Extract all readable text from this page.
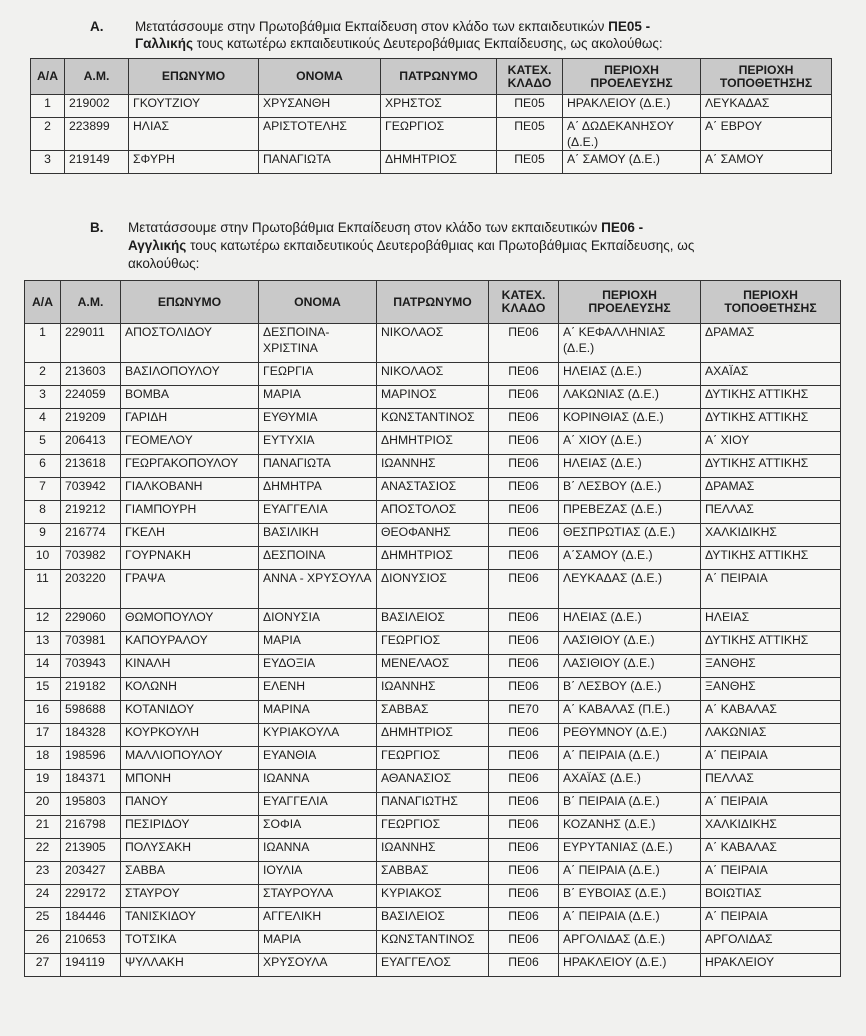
Α. Μετατάσσουμε στην Πρωτοβάθμια Εκπαίδευση στον κλάδο των εκπαιδευτικών ΠΕ05 -
Γαλλικής τους κατωτέρω εκπαιδευτικούς Δευτεροβάθμιας Εκπαίδευσης, ως ακολούθως:
Α/Α	Α.Μ.	ΕΠΩΝΥΜΟ	ΟΝΟΜΑ	ΠΑΤΡΩΝΥΜΟ	ΚΑΤΕΧ. ΚΛΑΔΟ	ΠΕΡΙΟΧΗ ΠΡΟΕΛΕΥΣΗΣ	ΠΕΡΙΟΧΗ ΤΟΠΟΘΕΤΗΣΗΣ
1	219002	ΓΚΟΥΤΖΙΟΥ	ΧΡΥΣΑΝΘΗ	ΧΡΗΣΤΟΣ	ΠΕ05	ΗΡΑΚΛΕΙΟΥ (Δ.Ε.)	ΛΕΥΚΑΔΑΣ
2	223899	ΗΛΙΑΣ	ΑΡΙΣΤΟΤΕΛΗΣ	ΓΕΩΡΓΙΟΣ	ΠΕ05	Α΄ ΔΩΔΕΚΑΝΗΣΟΥ (Δ.Ε.)	Α΄ ΕΒΡΟΥ
3	219149	ΣΦΥΡΗ	ΠΑΝΑΓΙΩΤΑ	ΔΗΜΗΤΡΙΟΣ	ΠΕ05	Α΄ ΣΑΜΟΥ (Δ.Ε.)	Α΄ ΣΑΜΟΥ
Β. Μετατάσσουμε στην Πρωτοβάθμια Εκπαίδευση στον κλάδο των εκπαιδευτικών ΠΕ06 -
Αγγλικής τους κατωτέρω εκπαιδευτικούς Δευτεροβάθμιας και Πρωτοβάθμιας Εκπαίδευσης, ως
ακολούθως:
Α/Α	Α.Μ.	ΕΠΩΝΥΜΟ	ΟΝΟΜΑ	ΠΑΤΡΩΝΥΜΟ	ΚΑΤΕΧ. ΚΛΑΔΟ	ΠΕΡΙΟΧΗ ΠΡΟΕΛΕΥΣΗΣ	ΠΕΡΙΟΧΗ ΤΟΠΟΘΕΤΗΣΗΣ
1	229011	ΑΠΟΣΤΟΛΙΔΟΥ	ΔΕΣΠΟΙΝΑ- ΧΡΙΣΤΙΝΑ	ΝΙΚΟΛΑΟΣ	ΠΕ06	Α΄ ΚΕΦΑΛΛΗΝΙΑΣ (Δ.Ε.)	ΔΡΑΜΑΣ
2	213603	ΒΑΣΙΛΟΠΟΥΛΟΥ	ΓΕΩΡΓΙΑ	ΝΙΚΟΛΑΟΣ	ΠΕ06	ΗΛΕΙΑΣ (Δ.Ε.)	ΑΧΑΪΑΣ
3	224059	ΒΟΜΒΑ	ΜΑΡΙΑ	ΜΑΡΙΝΟΣ	ΠΕ06	ΛΑΚΩΝΙΑΣ (Δ.Ε.)	ΔΥΤΙΚΗΣ ΑΤΤΙΚΗΣ
4	219209	ΓΑΡΙΔΗ	ΕΥΘΥΜΙΑ	ΚΩΝΣΤΑΝΤΙΝΟΣ	ΠΕ06	ΚΟΡΙΝΘΙΑΣ (Δ.Ε.)	ΔΥΤΙΚΗΣ ΑΤΤΙΚΗΣ
5	206413	ΓΕΟΜΕΛΟΥ	ΕΥΤΥΧΙΑ	ΔΗΜΗΤΡΙΟΣ	ΠΕ06	Α΄ ΧΙΟΥ (Δ.Ε.)	Α΄ ΧΙΟΥ
6	213618	ΓΕΩΡΓΑΚΟΠΟΥΛΟΥ	ΠΑΝΑΓΙΩΤΑ	ΙΩΑΝΝΗΣ	ΠΕ06	ΗΛΕΙΑΣ (Δ.Ε.)	ΔΥΤΙΚΗΣ ΑΤΤΙΚΗΣ
7	703942	ΓΙΑΛΚΟΒΑΝΗ	ΔΗΜΗΤΡΑ	ΑΝΑΣΤΑΣΙΟΣ	ΠΕ06	Β΄ ΛΕΣΒΟΥ (Δ.Ε.)	ΔΡΑΜΑΣ
8	219212	ΓΙΑΜΠΟΥΡΗ	ΕΥΑΓΓΕΛΙΑ	ΑΠΟΣΤΟΛΟΣ	ΠΕ06	ΠΡΕΒΕΖΑΣ (Δ.Ε.)	ΠΕΛΛΑΣ
9	216774	ΓΚΕΛΗ	ΒΑΣΙΛΙΚΗ	ΘΕΟΦΑΝΗΣ	ΠΕ06	ΘΕΣΠΡΩΤΙΑΣ (Δ.Ε.)	ΧΑΛΚΙΔΙΚΗΣ
10	703982	ΓΟΥΡΝΑΚΗ	ΔΕΣΠΟΙΝΑ	ΔΗΜΗΤΡΙΟΣ	ΠΕ06	Α΄ΣΑΜΟΥ (Δ.Ε.)	ΔΥΤΙΚΗΣ ΑΤΤΙΚΗΣ
11	203220	ΓΡΑΨΑ	ΑΝΝΑ - ΧΡΥΣΟΥΛΑ	ΔΙΟΝΥΣΙΟΣ	ΠΕ06	ΛΕΥΚΑΔΑΣ (Δ.Ε.)	Α΄ ΠΕΙΡΑΙΑ
12	229060	ΘΩΜΟΠΟΥΛΟΥ	ΔΙΟΝΥΣΙΑ	ΒΑΣΙΛΕΙΟΣ	ΠΕ06	ΗΛΕΙΑΣ (Δ.Ε.)	ΗΛΕΙΑΣ
13	703981	ΚΑΠΟΥΡΑΛΟΥ	ΜΑΡΙΑ	ΓΕΩΡΓΙΟΣ	ΠΕ06	ΛΑΣΙΘΙΟΥ (Δ.Ε.)	ΔΥΤΙΚΗΣ ΑΤΤΙΚΗΣ
14	703943	ΚΙΝΑΛΗ	ΕΥΔΟΞΙΑ	ΜΕΝΕΛΑΟΣ	ΠΕ06	ΛΑΣΙΘΙΟΥ (Δ.Ε.)	ΞΑΝΘΗΣ
15	219182	ΚΟΛΩΝΗ	ΕΛΕΝΗ	ΙΩΑΝΝΗΣ	ΠΕ06	Β΄ ΛΕΣΒΟΥ (Δ.Ε.)	ΞΑΝΘΗΣ
16	598688	ΚΟΤΑΝΙΔΟΥ	ΜΑΡΙΝΑ	ΣΑΒΒΑΣ	ΠΕ70	Α΄ ΚΑΒΑΛΑΣ (Π.Ε.)	Α΄ ΚΑΒΑΛΑΣ
17	184328	ΚΟΥΡΚΟΥΛΗ	ΚΥΡΙΑΚΟΥΛΑ	ΔΗΜΗΤΡΙΟΣ	ΠΕ06	ΡΕΘΥΜΝΟΥ (Δ.Ε.)	ΛΑΚΩΝΙΑΣ
18	198596	ΜΑΛΛΙΟΠΟΥΛΟΥ	ΕΥΑΝΘΙΑ	ΓΕΩΡΓΙΟΣ	ΠΕ06	Α΄ ΠΕΙΡΑΙΑ (Δ.Ε.)	Α΄ ΠΕΙΡΑΙΑ
19	184371	ΜΠΟΝΗ	ΙΩΑΝΝΑ	ΑΘΑΝΑΣΙΟΣ	ΠΕ06	ΑΧΑΪΑΣ (Δ.Ε.)	ΠΕΛΛΑΣ
20	195803	ΠΑΝΟΥ	ΕΥΑΓΓΕΛΙΑ	ΠΑΝΑΓΙΩΤΗΣ	ΠΕ06	Β΄ ΠΕΙΡΑΙΑ (Δ.Ε.)	Α΄ ΠΕΙΡΑΙΑ
21	216798	ΠΕΣΙΡΙΔΟΥ	ΣΟΦΙΑ	ΓΕΩΡΓΙΟΣ	ΠΕ06	ΚΟΖΑΝΗΣ (Δ.Ε.)	ΧΑΛΚΙΔΙΚΗΣ
22	213905	ΠΟΛΥΣΑΚΗ	ΙΩΑΝΝΑ	ΙΩΑΝΝΗΣ	ΠΕ06	ΕΥΡΥΤΑΝΙΑΣ (Δ.Ε.)	Α΄ ΚΑΒΑΛΑΣ
23	203427	ΣΑΒΒΑ	ΙΟΥΛΙΑ	ΣΑΒΒΑΣ	ΠΕ06	Α΄ ΠΕΙΡΑΙΑ (Δ.Ε.)	Α΄ ΠΕΙΡΑΙΑ
24	229172	ΣΤΑΥΡΟΥ	ΣΤΑΥΡΟΥΛΑ	ΚΥΡΙΑΚΟΣ	ΠΕ06	Β΄ ΕΥΒΟΙΑΣ (Δ.Ε.)	ΒΟΙΩΤΙΑΣ
25	184446	ΤΑΝΙΣΚΙΔΟΥ	ΑΓΓΕΛΙΚΗ	ΒΑΣΙΛΕΙΟΣ	ΠΕ06	Α΄ ΠΕΙΡΑΙΑ (Δ.Ε.)	Α΄ ΠΕΙΡΑΙΑ
26	210653	ΤΟΤΣΙΚΑ	ΜΑΡΙΑ	ΚΩΝΣΤΑΝΤΙΝΟΣ	ΠΕ06	ΑΡΓΟΛΙΔΑΣ (Δ.Ε.)	ΑΡΓΟΛΙΔΑΣ
27	194119	ΨΥΛΛΑΚΗ	ΧΡΥΣΟΥΛΑ	ΕΥΑΓΓΕΛΟΣ	ΠΕ06	ΗΡΑΚΛΕΙΟΥ (Δ.Ε.)	ΗΡΑΚΛΕΙΟΥ
